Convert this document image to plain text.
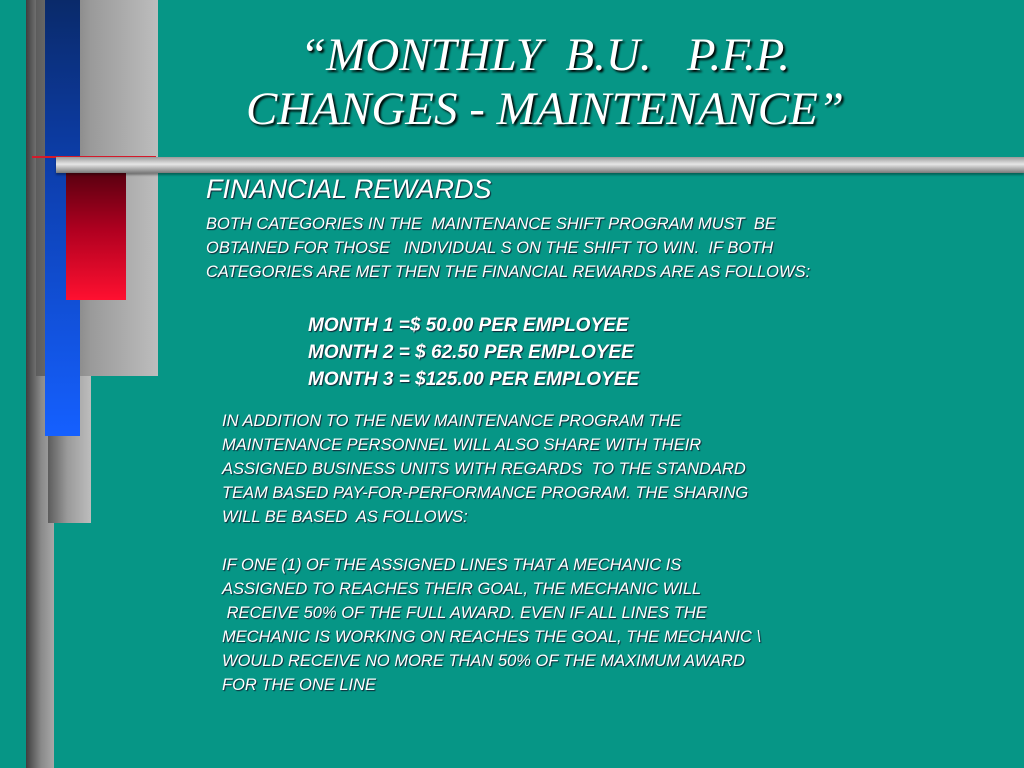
“MONTHLY  B.U.   P.F.P.
CHANGES - MAINTENANCE”
FINANCIAL REWARDS
BOTH CATEGORIES IN THE  MAINTENANCE SHIFT PROGRAM MUST  BE
OBTAINED FOR THOSE   INDIVIDUAL S ON THE SHIFT TO WIN.  IF BOTH
CATEGORIES ARE MET THEN THE FINANCIAL REWARDS ARE AS FOLLOWS:
MONTH 1 =$ 50.00 PER EMPLOYEE
MONTH 2 = $ 62.50 PER EMPLOYEE
MONTH 3 = $125.00 PER EMPLOYEE
IN ADDITION TO THE NEW MAINTENANCE PROGRAM THE
MAINTENANCE PERSONNEL WILL ALSO SHARE WITH THEIR
ASSIGNED BUSINESS UNITS WITH REGARDS  TO THE STANDARD
TEAM BASED PAY-FOR-PERFORMANCE PROGRAM. THE SHARING
WILL BE BASED  AS FOLLOWS:
IF ONE (1) OF THE ASSIGNED LINES THAT A MECHANIC IS
ASSIGNED TO REACHES THEIR GOAL, THE MECHANIC WILL
RECEIVE 50% OF THE FULL AWARD. EVEN IF ALL LINES THE
MECHANIC IS WORKING ON REACHES THE GOAL, THE MECHANIC \
WOULD RECEIVE NO MORE THAN 50% OF THE MAXIMUM AWARD
FOR THE ONE LINE
